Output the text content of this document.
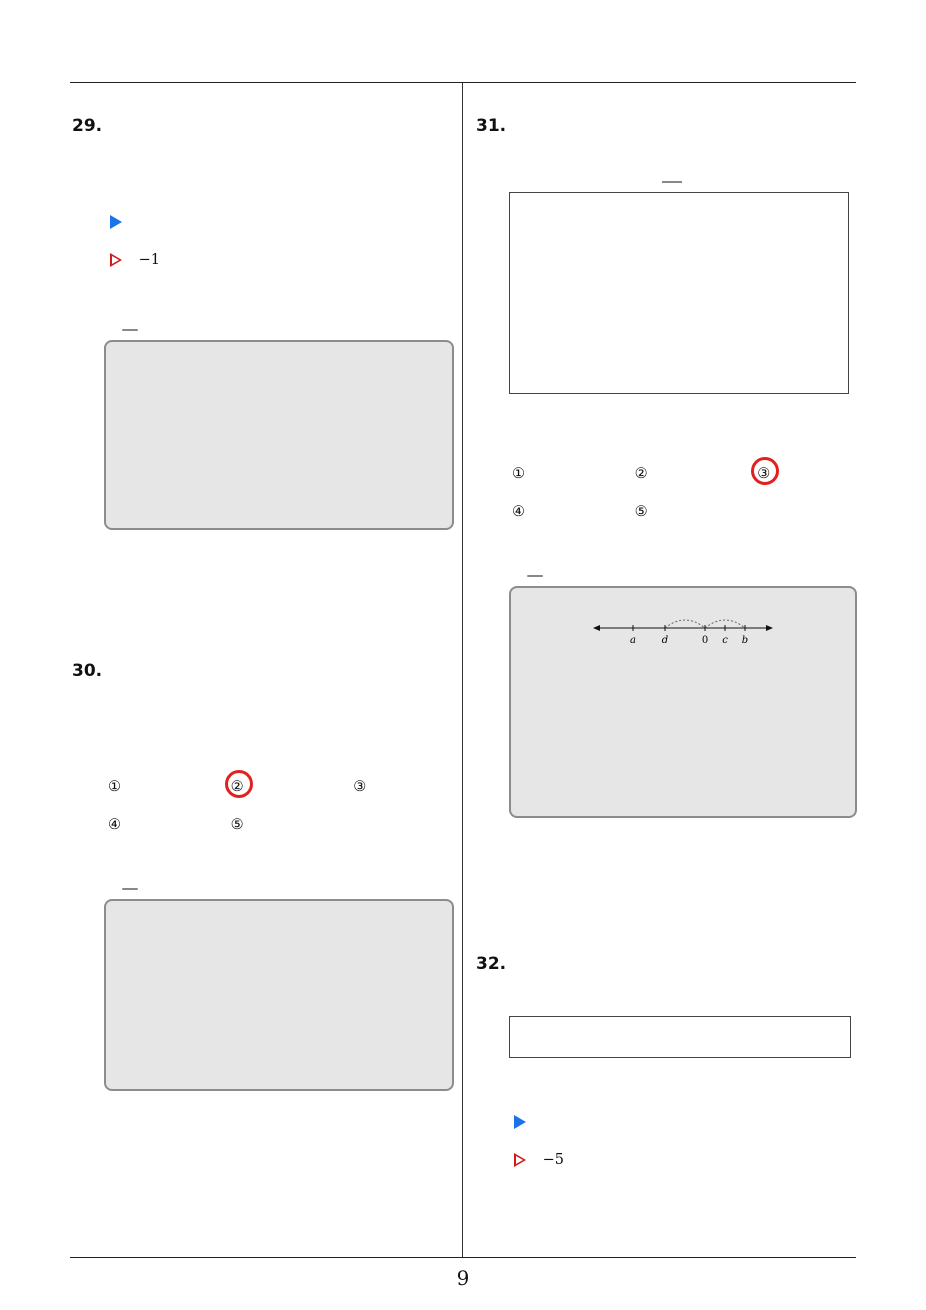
29.
−1
30.
①	②	③
④	⑤
31.
①	②	③
④	⑤
a	d	0 c b
32.
−5
9
